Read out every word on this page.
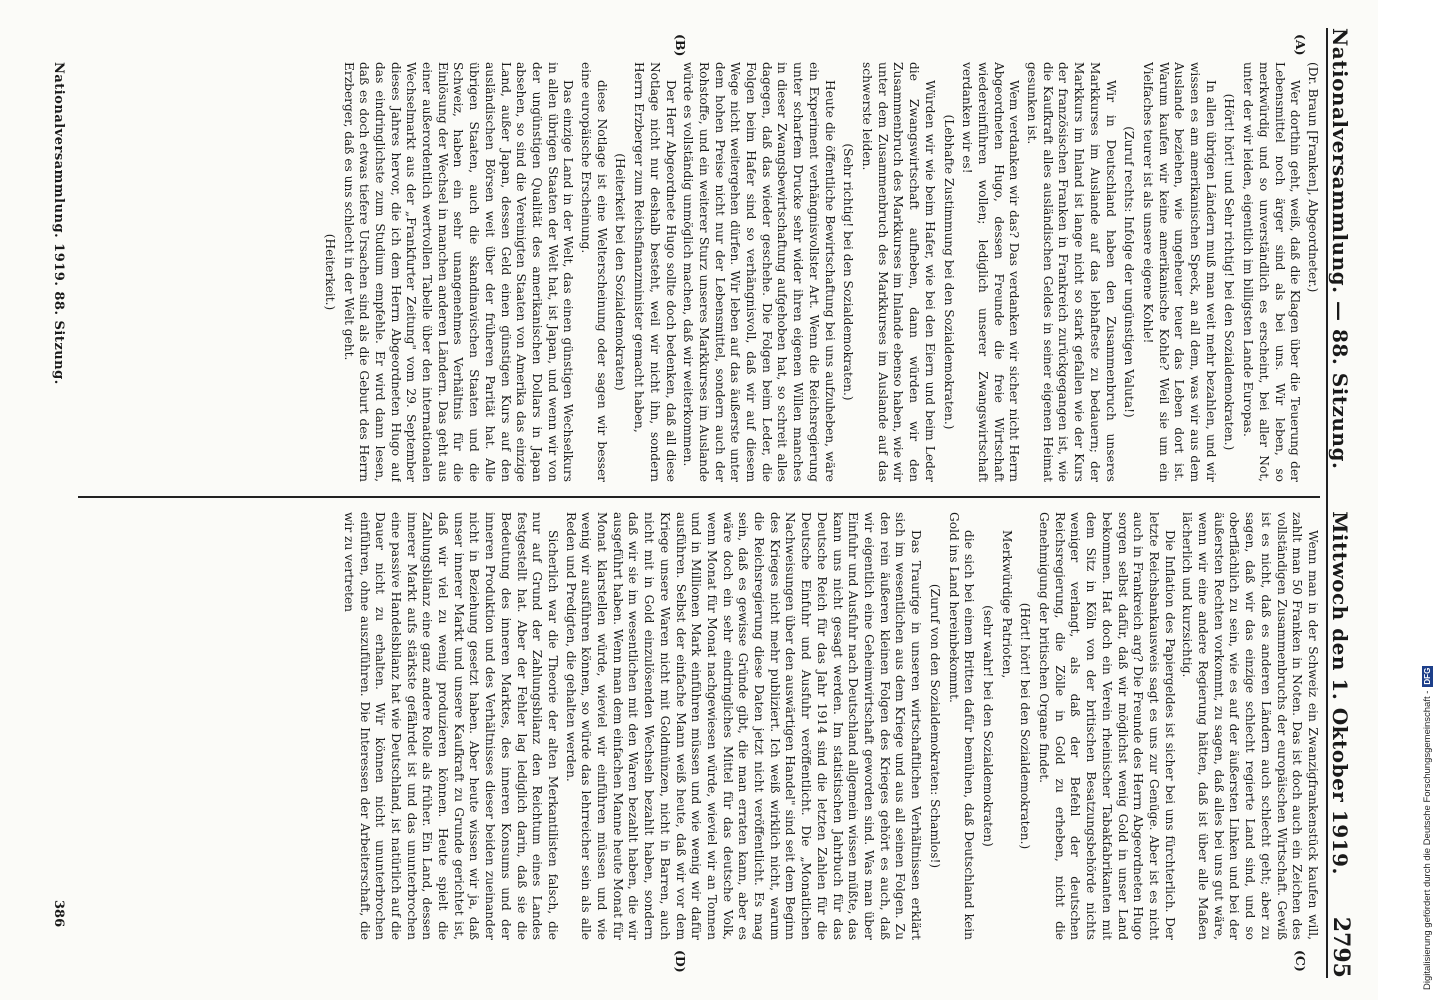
Nationalversammlung. — 88. Sitzung.
Mittwoch den 1. Oktober 1919.
2795
(A)
(B)
(C)
(D)

(Dr. Braun [Franken], Abgeordneter.)

Wer dorthin geht, weiß, daß die Klagen über die Teuerung der Lebensmittel noch ärger sind als bei uns. Wir leben, so merkwürdig und so unverständlich es erscheint, bei aller Not, unter der wir leiden, eigentlich im billigsten Lande Europas.

(Hört! hört! und Sehr richtig! bei den Sozialdemokraten.)

In allen übrigen Ländern muß man weit mehr bezahlen, und wir wissen es am amerikanischen Speck, an all dem, was wir aus dem Auslande beziehen, wie ungeheuer teuer das Leben dort ist. Warum kaufen wir keine amerikanische Kohle? Weil sie um ein Vielfaches teurer ist als unsere eigene Kohle!

(Zuruf rechts: Infolge der ungünstigen Valuta!)

Wir in Deutschland haben den Zusammenbruch unseres Markkurses im Auslande auf das lebhafteste zu bedauern; der Markkurs im Inland ist lange nicht so stark gefallen wie der Kurs der französischen Franken in Frankreich zurückgegangen ist, wie die Kaufkraft alles ausländischen Geldes in seiner eigenen Heimat gesunken ist.

Wem verdanken wir das? Das verdanken wir sicher nicht Herrn Abgeordneten Hugo, dessen Freunde die freie Wirtschaft wiedereinführen wollen; lediglich unserer Zwangswirtschaft verdanken wir es!

(Lebhafte Zustimmung bei den Sozialdemokraten.)

Würden wir wie beim Hafer, wie bei den Eiern und beim Leder die Zwangswirtschaft aufheben, dann würden wir den Zusammenbruch des Markkurses im Inlande ebenso haben, wie wir unter dem Zusammenbruch des Markkurses im Auslande auf das schwerste leiden.

(Sehr richtig! bei den Sozialdemokraten.)

Heute die öffentliche Bewirtschaftung bei uns aufzuheben, wäre ein Experiment verhängnisvollster Art. Wenn die Reichsregierung unter scharfem Drucke sehr wider ihren eigenen Willen manches in dieser Zwangsbewirtschaftung aufgehoben hat, so schreit alles dagegen, daß das wieder geschehe. Die Folgen beim Leder, die Folgen beim Hafer sind so verhängnisvoll, daß wir auf diesem Wege nicht weitergehen dürfen. Wir leben auf das äußerste unter dem hohen Preise nicht nur der Lebensmittel, sondern auch der Rohstoffe, und ein weiterer Sturz unseres Markkurses im Auslande würde es vollständig unmöglich machen, daß wir weiterkommen.

Der Herr Abgeordnete Hugo sollte doch bedenken, daß all diese Notlage nicht nur deshalb besteht, weil wir nicht ihn, sondern Herrn Erzberger zum Reichsfinanzminister gemacht haben,

(Heiterkeit bei den Sozialdemokraten)

diese Notlage ist eine Welterscheinung oder sagen wir besser eine europäische Erscheinung.

Das einzige Land in der Welt, das einen günstigen Wechselkurs in allen übrigen Staaten der Welt hat, ist Japan, und wenn wir von der ungünstigen Qualität des amerikanischen Dollars in Japan absehen, so sind die Vereinigten Staaten von Amerika das einzige Land, außer Japan, dessen Geld einen günstigen Kurs auf den ausländischen Börsen weit über der früheren Parität hat. Alle übrigen Staaten, auch die skandinavischen Staaten und die Schweiz, haben ein sehr unangenehmes Verhältnis für die Einlösung der Wechsel in manchen anderen Ländern. Das geht aus einer außerordentlich wertvollen Tabelle über den internationalen Wechselmarkt aus der „Frankfurter Zeitung" vom 29. September dieses Jahres hervor, die ich dem Herrn Abgeordneten Hugo auf das eindringlichste zum Studium empfehle. Er wird dann lesen, daß es doch etwas tiefere Ursachen sind als die Geburt des Herrn Erzberger, daß es uns schlecht in der Welt geht.

(Heiterkeit.)

Wenn man in der Schweiz ein Zwanzigfrankenstück kaufen will, zahlt man 50 Franken in Noten. Das ist doch auch ein Zeichen des vollständigen Zusammenbruchs der europäischen Wirtschaft. Gewiß ist es nicht, daß es anderen Ländern auch schlecht geht; aber zu sagen, daß wir das einzige schlecht regierte Land sind, und so oberflächlich zu sein, wie es auf der äußersten Linken und bei der äußersten Rechten vorkommt, zu sagen, daß alles bei uns gut wäre, wenn wir eine andere Regierung hätten, daß ist über alle Maßen lächerlich und kurzsichtig.

Die Inflation des Papiergeldes ist sicher bei uns fürchterlich. Der letzte Reichsbankausweis sagt es uns zur Genüge. Aber ist es nicht auch in Frankreich arg? Die Freunde des Herrn Abgeordneten Hugo sorgen selbst dafür, daß wir möglichst wenig Gold in unser Land bekommen. Hat doch ein Verein rheinischer Tabakfabrikanten mit dem Sitz in Köln von der britischen Besatzungsbehörde nichts weniger verlangt, als daß der Befehl der deutschen Reichsregierung, die Zölle in Gold zu erheben, nicht die Genehmigung der britischen Organe findet.

(Hört! hört! bei den Sozialdemokraten.)

Merkwürdige Patrioten,

(sehr wahr! bei den Sozialdemokraten)

die sich bei einem Britten dafür bemühen, daß Deutschland kein Gold ins Land hereinbekommt.

(Zuruf von den Sozialdemokraten: Schamlos!)

Das Traurige in unseren wirtschaftlichen Verhältnissen erklärt sich im wesentlichen aus dem Kriege und aus all seinen Folgen. Zu den rein äußeren kleinen Folgen des Krieges gehört es auch, daß wir eigentlich eine Geheimwirtschaft geworden sind. Was man über Einfuhr und Ausfuhr nach Deutschland allgemein wissen müßte, das kann uns nicht gesagt werden. Im statistischen Jahrbuch für das Deutsche Reich für das Jahr 1914 sind die letzten Zahlen für die Deutsche Einfuhr und Ausfuhr veröffentlicht. Die „Monatlichen Nachweisungen über den auswärtigen Handel" sind seit dem Beginn des Krieges nicht mehr publiziert. Ich weiß wirklich nicht, warum die Reichsregierung diese Daten jetzt nicht veröffentlicht. Es mag sein, daß es gewisse Gründe gibt, die man erraten kann, aber es wäre doch ein sehr eindringliches Mittel für das deutsche Volk, wenn Monat für Monat nachgewiesen würde, wieviel wir an Tonnen und in Millionen Mark einführen müssen und wie wenig wir dafür ausführen. Selbst der einfache Mann weiß heute, daß wir vor dem Kriege unsere Waren nicht mit Goldmünzen, nicht in Barren, auch nicht mit in Gold einzulösenden Wechseln bezahlt haben, sondern daß wir sie im wesentlichen mit den Waren bezahlt haben, die wir ausgeführt haben. Wenn man dem einfachen Manne heute Monat für Monat klarstellen würde, wieviel wir einführen müssen und wie wenig wir ausführen können, so würde das lehrreicher sein als alle Reden und Predigten, die gehalten werden.

Sicherlich war die Theorie der alten Merkantilisten falsch, die nur auf Grund der Zahlungsbilanz den Reichtum eines Landes festgestellt hat. Aber der Fehler lag lediglich darin, daß sie die Bedeutung des inneren Marktes, des inneren Konsums und der inneren Produktion und des Verhältnisses dieser beiden zueinander nicht in Beziehung gesetzt haben. Aber heute wissen wir ja, daß unser innerer Markt und unsere Kaufkraft zu Grunde gerichtet ist, daß wir viel zu wenig produzieren können. Heute spielt die Zahlungsbilanz eine ganz andere Rolle als früher. Ein Land, dessen innerer Markt aufs stärkste gefährdet ist und das ununterbrochen eine passive Handelsbilanz hat wie Deutschland, ist natürlich auf die Dauer nicht zu erhalten. Wir können nicht ununterbrochen einführen, ohne auszuführen. Die Interessen der Arbeiterschaft, die wir zu vertreten

Nationalversammlung. 1919. 88. Sitzung.
386	Digitalisierung gefördert durch die Deutsche Forschungsgemeinschaft -
DFG
